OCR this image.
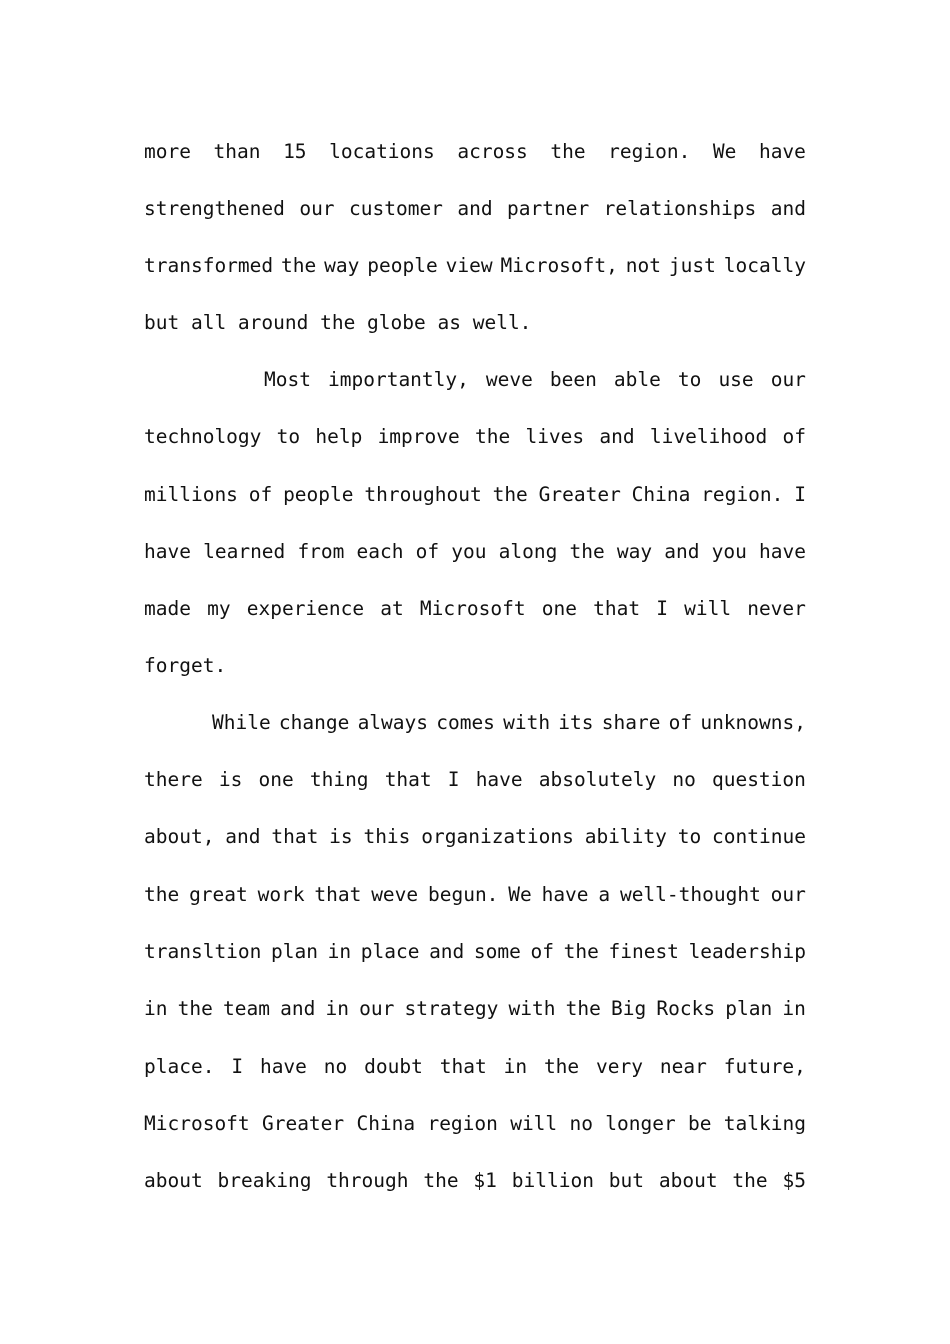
more than 15 locations across the region. We have
strengthened our customer and partner relationships and
transformed the way people view Microsoft, not just locally
but all around the globe as well.
Most importantly, weve been able to use our
technology to help improve the lives and livelihood of
millions of people throughout the Greater China region. I
have learned from each of you along the way and you have
made my experience at Microsoft one that I will never
forget.
While change always comes with its share of unknowns,
there is one thing that I have absolutely no question
about, and that is this organizations ability to continue
the great work that weve begun. We have a well-thought our
transltion plan in place and some of the finest leadership
in the team and in our strategy with the Big Rocks plan in
place. I have no doubt that in the very near future,
Microsoft Greater China region will no longer be talking
about breaking through the $1 billion but about the $5
